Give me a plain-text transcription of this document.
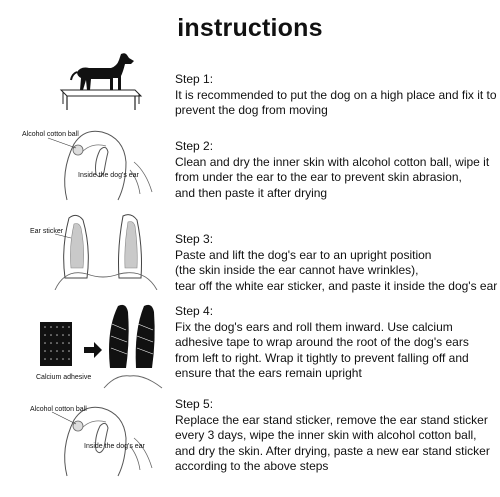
instructions
Alcohol cotton ball
Inside the dog's ear
Ear sticker
Calcium adhesive
Alcohol cotton ball
Inside the dog's ear
Step 1:
It is recommended to put the dog on a high place and fix it to
prevent the dog from moving
Step 2:
Clean and dry the inner skin with alcohol cotton ball, wipe it
from under the ear to the ear to prevent skin abrasion,
and then paste it after drying
Step 3:
Paste and lift the dog's ear to an upright position
(the skin inside the ear cannot have wrinkles),
tear off the white ear sticker, and paste it inside the dog's ear
Step 4:
Fix the dog's ears and roll them inward. Use calcium
adhesive tape to wrap around the root of the dog's ears
from left to right. Wrap it tightly to prevent falling off and
ensure that the ears remain upright
Step 5:
Replace the ear stand sticker, remove the ear stand sticker
every 3 days, wipe the inner skin with alcohol cotton ball,
and dry the skin. After drying, paste a new ear stand sticker
according to the above steps
